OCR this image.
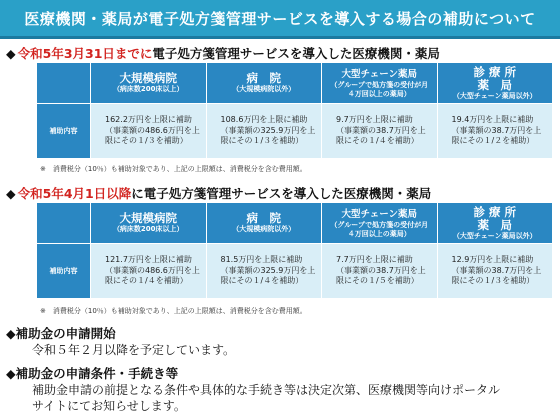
医療機関・薬局が電子処方箋管理サービスを導入する場合の補助について
◆ 令和5年3月31日までに電子処方箋管理サービスを導入した医療機関・薬局

	大規模病院
（病床数200床以上）	病　院
（大規模病院以外）	大型チェーン薬局
（グループで処方箋の受付が月
４万回以上の薬局）	診 療 所
薬　局
（大型チェーン薬局以外）

補助内容	162.2万円を上限に補助
（事業額の486.6万円を上
限にその１/３を補助）	108.6万円を上限に補助
（事業額の325.9万円を上
限にその１/３を補助）	9.7万円を上限に補助
（事業額の38.7万円を上
限にその１/４を補助）	19.4万円を上限に補助
（事業額の38.7万円を上
限にその１/２を補助）
※　消費税分（10％）も補助対象であり、上記の上限額は、消費税分を含む費用額。
◆ 令和5年4月1日以降に電子処方箋管理サービスを導入した医療機関・薬局

	大規模病院
（病床数200床以上）	病　院
（大規模病院以外）	大型チェーン薬局
（グループで処方箋の受付が月
４万回以上の薬局）	診 療 所
薬　局
（大型チェーン薬局以外）

補助内容	121.7万円を上限に補助
（事業額の486.6万円を上
限にその１/４を補助）	81.5万円を上限に補助
（事業額の325.9万円を上
限にその１/４を補助）	7.7万円を上限に補助
（事業額の38.7万円を上
限にその１/５を補助）	12.9万円を上限に補助
（事業額の38.7万円を上
限にその１/３を補助）
※　消費税分（10％）も補助対象であり、上記の上限額は、消費税分を含む費用額。
◆補助金の申請開始
令和５年２月以降を予定しています。
◆補助金の申請条件・手続き等
補助金申請の前提となる条件や具体的な手続き等は決定次第、医療機関等向けポータル
サイトにてお知らせします。
